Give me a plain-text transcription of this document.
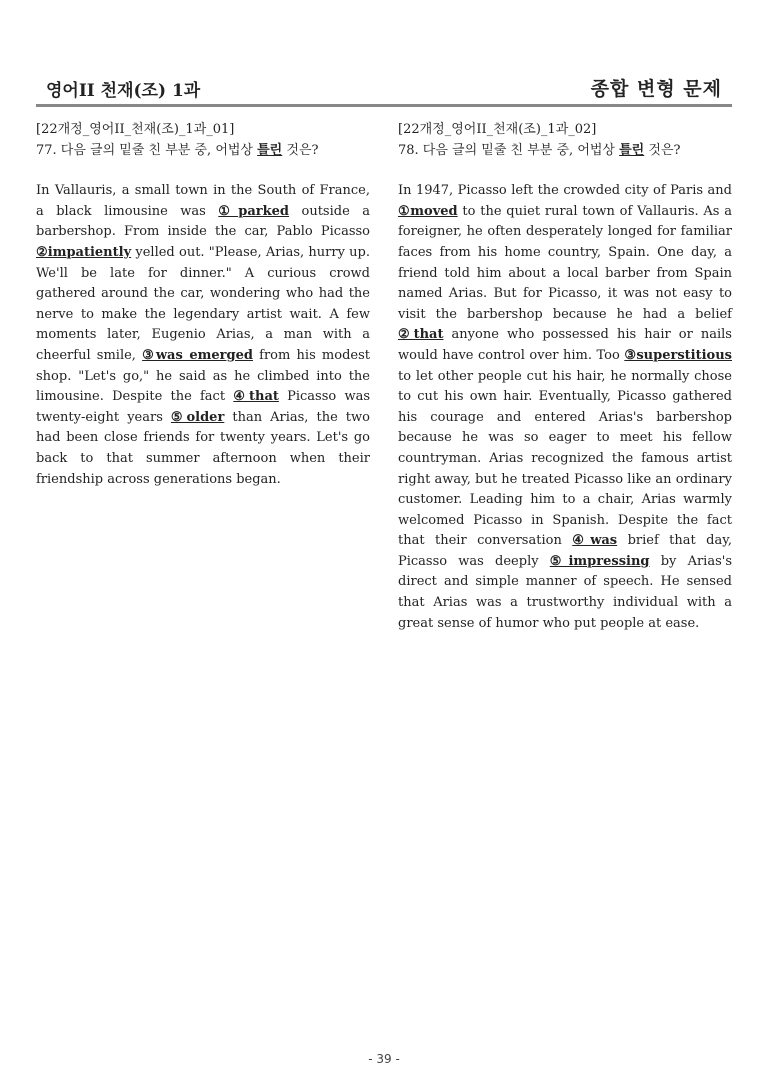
영어II 천재(조) 1과	종합 변형 문제
[22개정_영어II_천재(조)_1과_01]
77. 다음 글의 밑줄 친 부분 중, 어법상 틀린 것은?
In Vallauris, a small town in the South of France, a black limousine was ①parked outside a barbershop. From inside the car, Pablo Picasso ②impatiently yelled out. "Please, Arias, hurry up. We'll be late for dinner." A curious crowd gathered around the car, wondering who had the nerve to make the legendary artist wait. A few moments later, Eugenio Arias, a man with a cheerful smile, ③was emerged from his modest shop. "Let's go," he said as he climbed into the limousine. Despite the fact ④that Picasso was twenty-eight years ⑤older than Arias, the two had been close friends for twenty years. Let's go back to that summer afternoon when their friendship across generations began.
[22개정_영어II_천재(조)_1과_02]
78. 다음 글의 밑줄 친 부분 중, 어법상 틀린 것은?
In 1947, Picasso left the crowded city of Paris and ①moved to the quiet rural town of Vallauris. As a foreigner, he often desperately longed for familiar faces from his home country, Spain. One day, a friend told him about a local barber from Spain named Arias. But for Picasso, it was not easy to visit the barbershop because he had a belief ②that anyone who possessed his hair or nails would have control over him. Too ③superstitious to let other people cut his hair, he normally chose to cut his own hair. Eventually, Picasso gathered his courage and entered Arias's barbershop because he was so eager to meet his fellow countryman. Arias recognized the famous artist right away, but he treated Picasso like an ordinary customer. Leading him to a chair, Arias warmly welcomed Picasso in Spanish. Despite the fact that their conversation ④was brief that day, Picasso was deeply ⑤impressing by Arias's direct and simple manner of speech. He sensed that Arias was a trustworthy individual with a great sense of humor who put people at ease.
- 39 -
